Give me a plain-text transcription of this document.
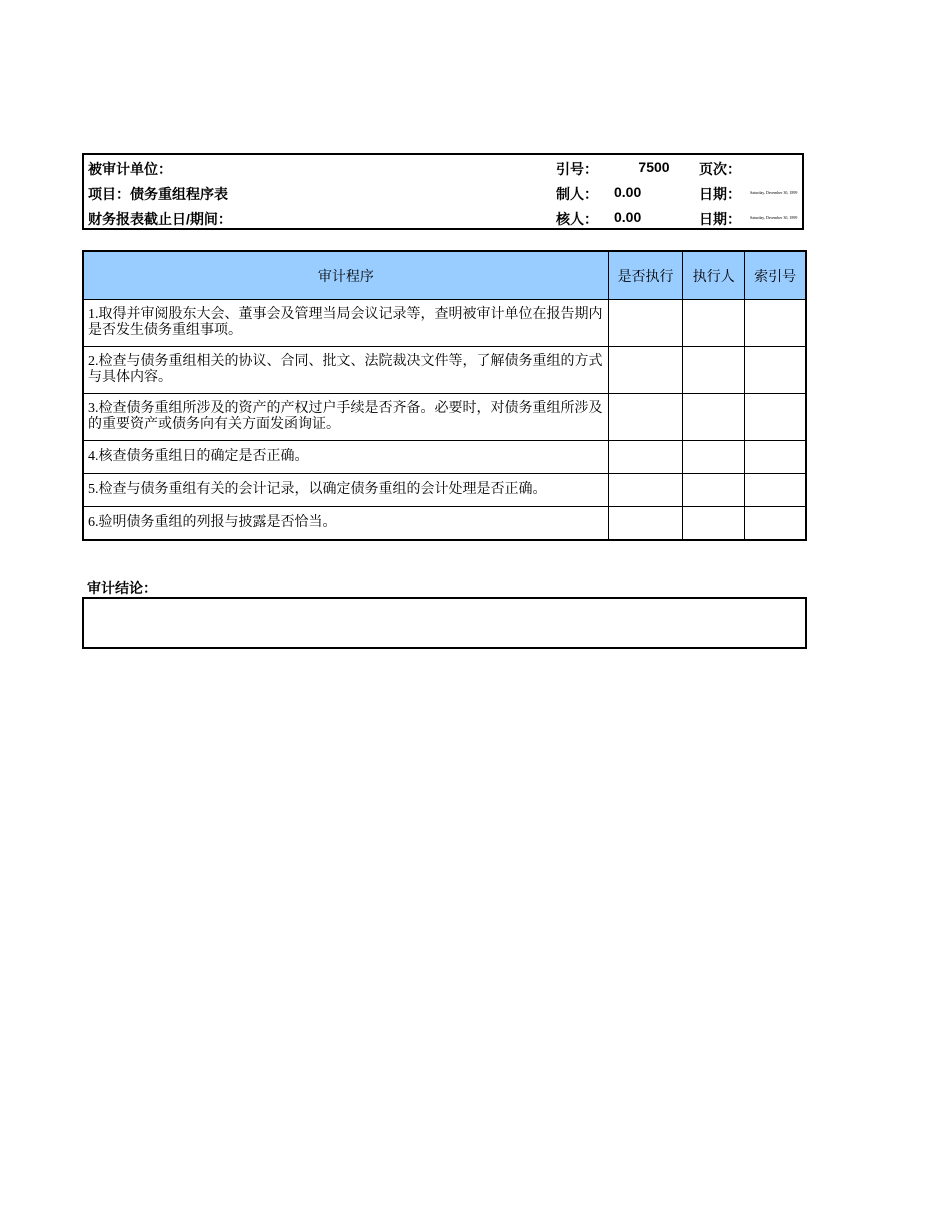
被审计单位：	引号：	7500	页次：
项目：债务重组程序表	制人： 0.00	日期： Saturday, December 30, 1899
财务报表截止日/期间：	核人： 0.00	日期： Saturday, December 30, 1899
审计程序	是否执行	执行人	索引号
1.取得并审阅股东大会、董事会及管理当局会议记录等，查明被审计单位在报告期内是否发生债务重组事项。			
2.检查与债务重组相关的协议、合同、批文、法院裁决文件等，了解债务重组的方式与具体内容。			
3.检查债务重组所涉及的资产的产权过户手续是否齐备。必要时，对债务重组所涉及的重要资产或债务向有关方面发函询证。			
4.核查债务重组日的确定是否正确。			
5.检查与债务重组有关的会计记录，以确定债务重组的会计处理是否正确。			
6.验明债务重组的列报与披露是否恰当。			
审计结论：
